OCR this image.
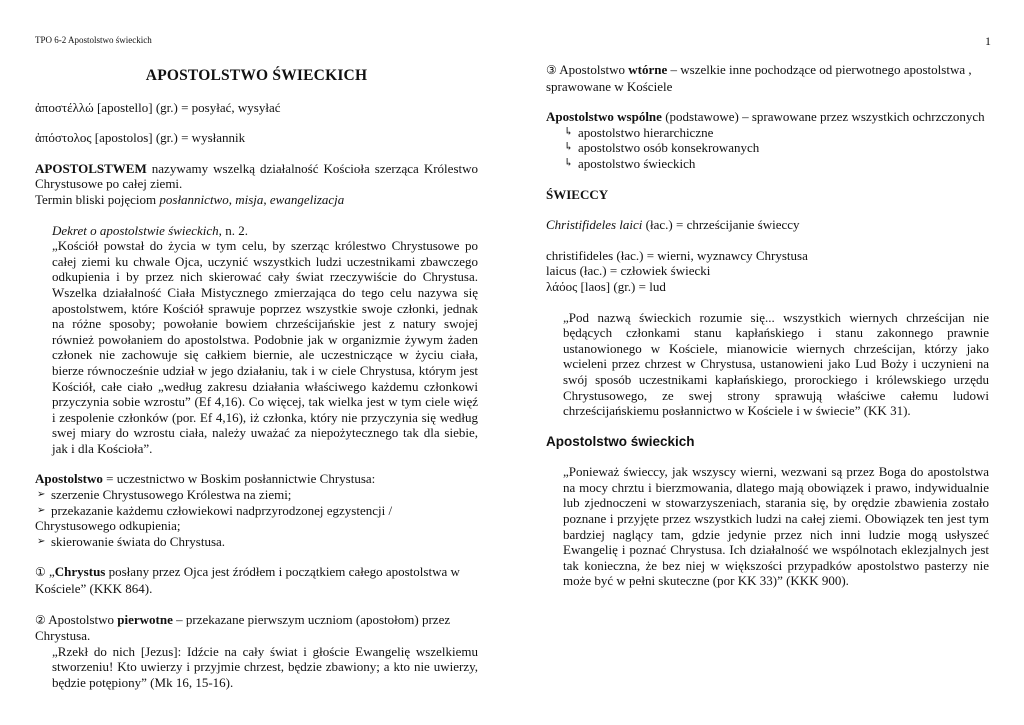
TPO 6-2 Apostolstwo świeckich	1

APOSTOLSTWO ŚWIECKICH

ἀποστέλλώ [apostello] (gr.) = posyłać, wysyłać

ἀπόστολος [apostolos] (gr.) = wysłannik

APOSTOLSTWEM nazywamy wszelką działalność Kościoła szerząca Królestwo Chrystusowe po całej ziemi.

Termin bliski pojęciom posłannictwo, misja, ewangelizacja

Dekret o apostolstwie świeckich, n. 2.

„Kościół powstał do życia w tym celu, by szerząc królestwo Chrystusowe po całej ziemi ku chwale Ojca, uczynić wszystkich ludzi uczestnikami zbawczego odkupienia i by przez nich skierować cały świat rzeczywiście do Chrystusa. Wszelka działalność Ciała Mistycznego zmierzająca do tego celu nazywa się apostolstwem, które Kościół sprawuje poprzez wszystkie swoje członki, jednak na różne sposoby; powołanie bowiem chrześcijańskie jest z natury swojej również powołaniem do apostolstwa. Podobnie jak w organizmie żywym żaden członek nie zachowuje się całkiem biernie, ale uczestniczące w życiu ciała, bierze równocześnie udział w jego działaniu, tak i w ciele Chrystusa, którym jest Kościół, całe ciało „według zakresu działania właściwego każdemu członkowi przyczynia sobie wzrostu” (Ef 4,16). Co więcej, tak wielka jest w tym ciele więź i zespolenie członków (por. Ef 4,16), iż członka, który nie przyczynia się według swej miary do wzrostu ciała, należy uważać za niepożytecznego tak dla siebie, jak i dla Kościoła”.

Apostolstwo = uczestnictwo w Boskim posłannictwie Chrystusa:

➢ szerzenie Chrystusowego Królestwa na ziemi;
➢ przekazanie każdemu człowiekowi nadprzyrodzonej egzystencji /
Chrystusowego odkupienia;
➢ skierowanie świata do Chrystusa.

① „Chrystus posłany przez Ojca jest źródłem i początkiem całego apostolstwa w Kościele” (KKK 864).

② Apostolstwo pierwotne – przekazane pierwszym uczniom (apostołom) przez Chrystusa.

„Rzekł do nich [Jezus]: Idźcie na cały świat i głoście Ewangelię wszelkiemu stworzeniu! Kto uwierzy i przyjmie chrzest, będzie zbawiony; a kto nie uwierzy, będzie potępiony” (Mk 16, 15-16).

③ Apostolstwo wtórne – wszelkie inne pochodzące od pierwotnego apostolstwa , sprawowane w Kościele

Apostolstwo wspólne (podstawowe) – sprawowane przez wszystkich ochrzczonych

↳ apostolstwo hierarchiczne
↳ apostolstwo osób konsekrowanych
↳ apostolstwo świeckich

ŚWIECCY

Christifideles laici (łac.) = chrześcijanie świeccy

christifideles (łac.) = wierni, wyznawcy Chrystusa

laicus (łac.) = człowiek świecki

λάόος [laos] (gr.) = lud

„Pod nazwą świeckich rozumie się... wszystkich wiernych chrześcijan nie będących członkami stanu kapłańskiego i stanu zakonnego prawnie ustanowionego w Kościele, mianowicie wiernych chrześcijan, którzy jako wcieleni przez chrzest w Chrystusa, ustanowieni jako Lud Boży i uczynieni na swój sposób uczestnikami kapłańskiego, prorockiego i królewskiego urzędu Chrystusowego, ze swej strony sprawują właściwe całemu ludowi chrześcijańskiemu posłannictwo w Kościele i w świecie” (KK 31).

Apostolstwo świeckich

„Ponieważ świeccy, jak wszyscy wierni, wezwani są przez Boga do apostolstwa na mocy chrztu i bierzmowania, dlatego mają obowiązek i prawo, indywidualnie lub zjednoczeni w stowarzyszeniach, starania się, by orędzie zbawienia zostało poznane i przyjęte przez wszystkich ludzi na całej ziemi. Obowiązek ten jest tym bardziej naglący tam, gdzie jedynie przez nich inni ludzie mogą usłyszeć Ewangelię i poznać Chrystusa. Ich działalność we wspólnotach eklezjalnych jest tak konieczna, że bez niej w większości przypadków apostolstwo pasterzy nie może być w pełni skuteczne (por KK 33)” (KKK 900).
